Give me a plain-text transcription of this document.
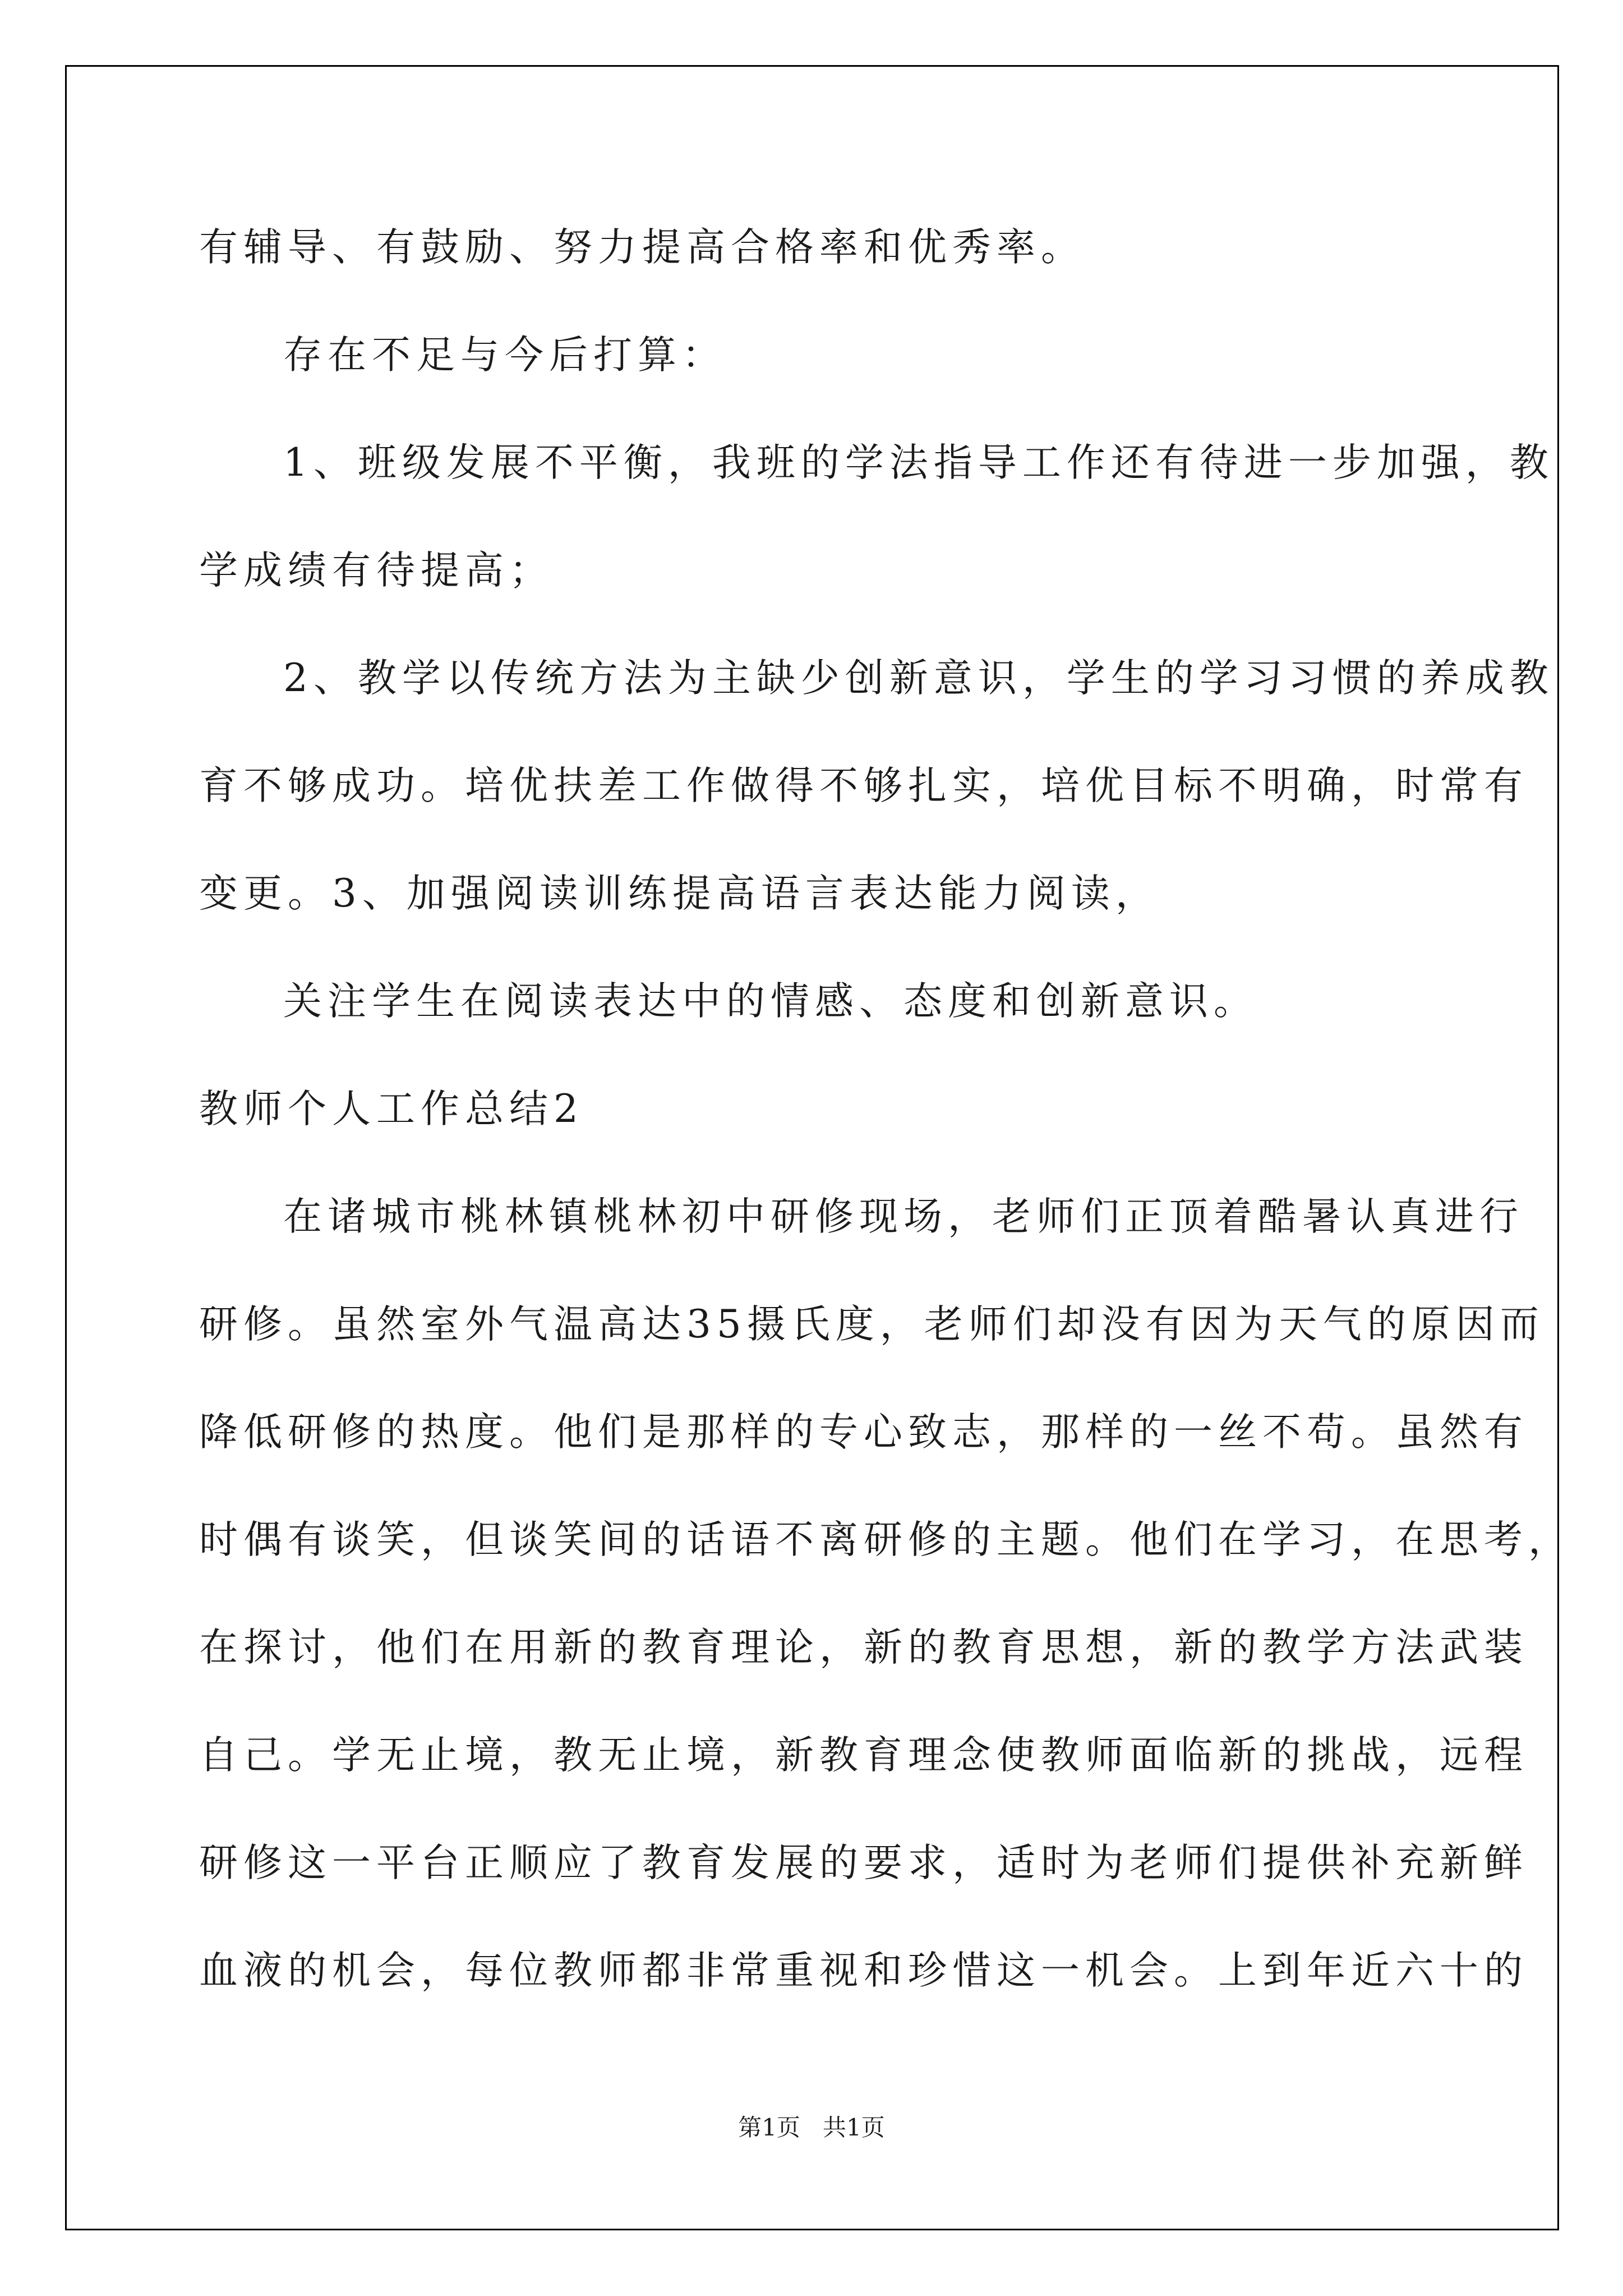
有辅导、有鼓励、努力提高合格率和优秀率。
存在不足与今后打算：
1、班级发展不平衡，我班的学法指导工作还有待进一步加强，教
学成绩有待提高；
2、教学以传统方法为主缺少创新意识，学生的学习习惯的养成教
育不够成功。培优扶差工作做得不够扎实，培优目标不明确，时常有
变更。3、加强阅读训练提高语言表达能力阅读，
关注学生在阅读表达中的情感、态度和创新意识。
教师个人工作总结2
在诸城市桃林镇桃林初中研修现场，老师们正顶着酷暑认真进行
研修。虽然室外气温高达35摄氏度，老师们却没有因为天气的原因而
降低研修的热度。他们是那样的专心致志，那样的一丝不苟。虽然有
时偶有谈笑，但谈笑间的话语不离研修的主题。他们在学习，在思考，
在探讨，他们在用新的教育理论，新的教育思想，新的教学方法武装
自己。学无止境，教无止境，新教育理念使教师面临新的挑战，远程
研修这一平台正顺应了教育发展的要求，适时为老师们提供补充新鲜
血液的机会，每位教师都非常重视和珍惜这一机会。上到年近六十的
第1页   共1页
